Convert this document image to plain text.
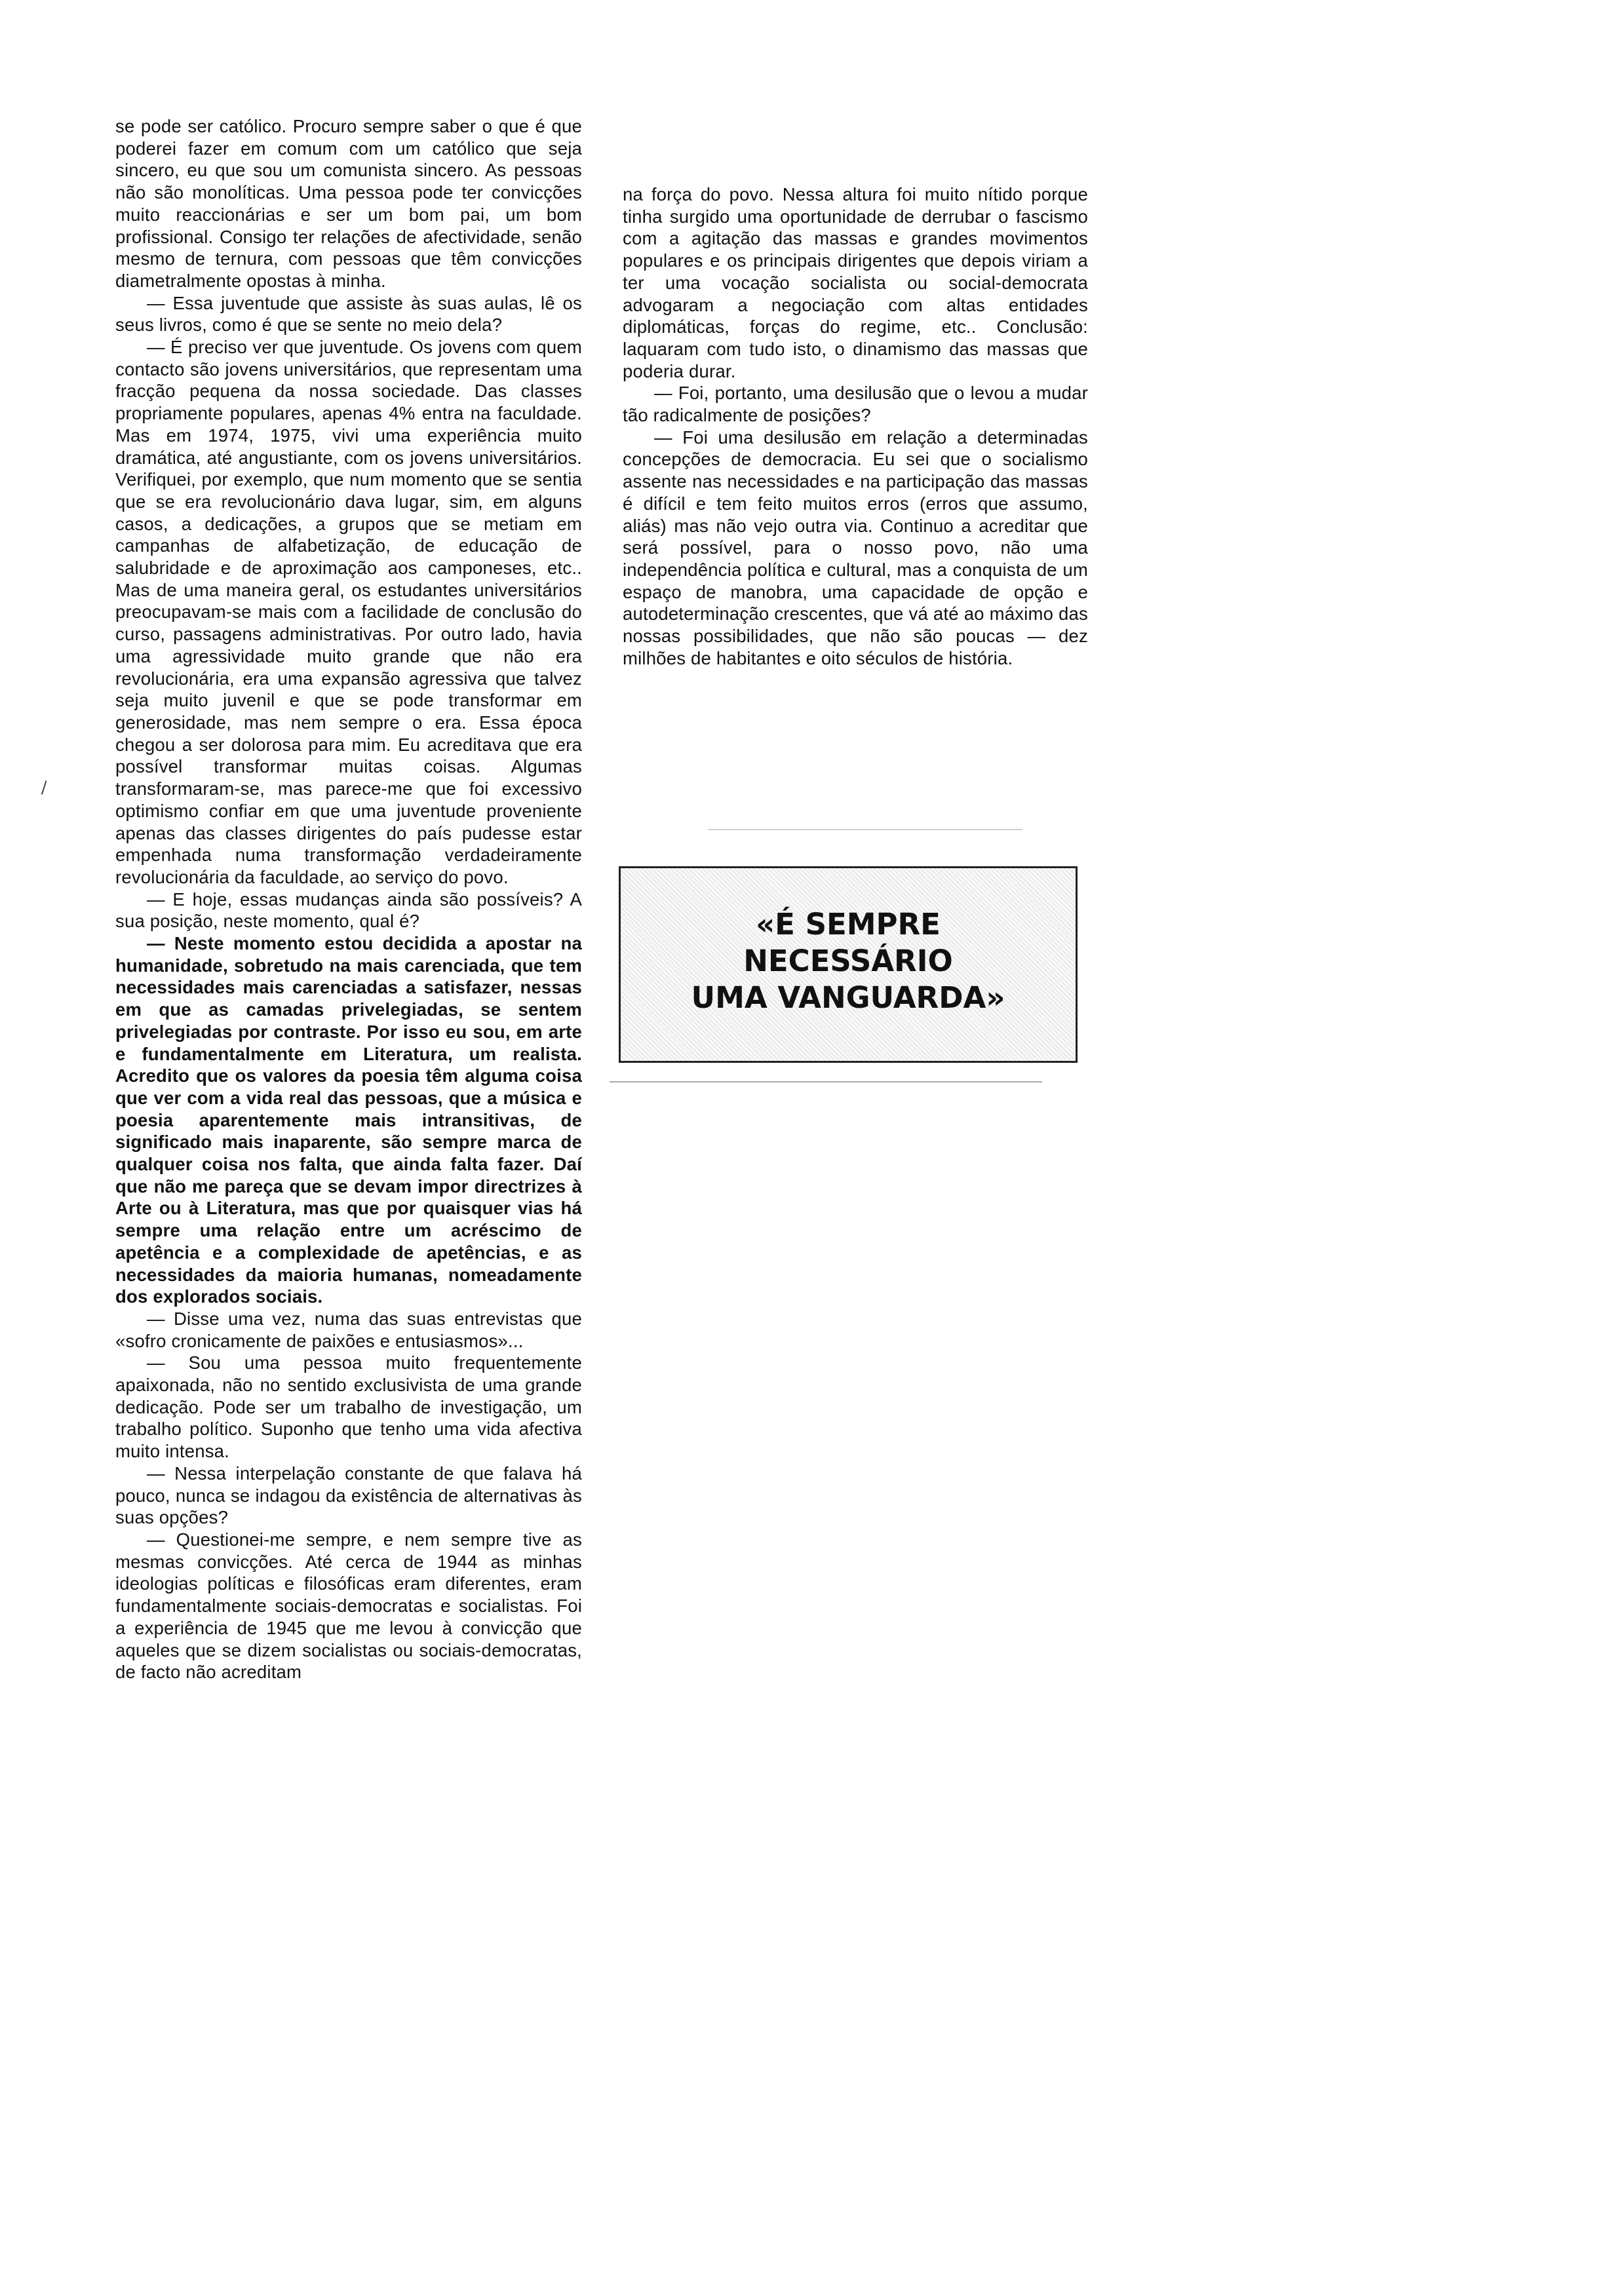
se pode ser católico. Procuro sempre saber o que é que poderei fazer em comum com um católico que seja sincero, eu que sou um comunista sincero. As pessoas não são monolíticas. Uma pessoa pode ter convicções muito reaccionárias e ser um bom pai, um bom profissional. Consigo ter relações de afectividade, senão mesmo de ternura, com pessoas que têm convicções diametralmente opostas à minha.

— Essa juventude que assiste às suas aulas, lê os seus livros, como é que se sente no meio dela?

— É preciso ver que juventude. Os jovens com quem contacto são jovens universitários, que representam uma fracção pequena da nossa sociedade. Das classes propriamente populares, apenas 4% entra na faculdade. Mas em 1974, 1975, vivi uma experiência muito dramática, até angustiante, com os jovens universitários. Verifiquei, por exemplo, que num momento que se sentia que se era revolucionário dava lugar, sim, em alguns casos, a dedicações, a grupos que se metiam em campanhas de alfabetização, de educação de salubridade e de aproximação aos camponeses, etc.. Mas de uma maneira geral, os estudantes universitários preocupavam-se mais com a facilidade de conclusão do curso, passagens administrativas. Por outro lado, havia uma agressividade muito grande que não era revolucionária, era uma expansão agressiva que talvez seja muito juvenil e que se pode transformar em generosidade, mas nem sempre o era. Essa época chegou a ser dolorosa para mim. Eu acreditava que era possível transformar muitas coisas. Algumas transformaram-se, mas parece-me que foi excessivo optimismo confiar em que uma juventude proveniente apenas das classes dirigentes do país pudesse estar empenhada numa transformação verdadeiramente revolucionária da faculdade, ao serviço do povo.

— E hoje, essas mudanças ainda são possíveis? A sua posição, neste momento, qual é?

— Neste momento estou decidida a apostar na humanidade, sobretudo na mais carenciada, que tem necessidades mais carenciadas a satisfazer, nessas em que as camadas privelegiadas, se sentem privelegiadas por contraste. Por isso eu sou, em arte e fundamentalmente em Literatura, um realista. Acredito que os valores da poesia têm alguma coisa que ver com a vida real das pessoas, que a música e poesia aparentemente mais intransitivas, de significado mais inaparente, são sempre marca de qualquer coisa nos falta, que ainda falta fazer. Daí que não me pareça que se devam impor directrizes à Arte ou à Literatura, mas que por quaisquer vias há sempre uma relação entre um acréscimo de apetência e a complexidade de apetências, e as necessidades da maioria humanas, nomeadamente dos explorados sociais.

— Disse uma vez, numa das suas entrevistas que «sofro cronicamente de paixões e entusiasmos»...

— Sou uma pessoa muito frequentemente apaixonada, não no sentido exclusivista de uma grande dedicação. Pode ser um trabalho de investigação, um trabalho político. Suponho que tenho uma vida afectiva muito intensa.

— Nessa interpelação constante de que falava há pouco, nunca se indagou da existência de alternativas às suas opções?

— Questionei-me sempre, e nem sempre tive as mesmas convicções. Até cerca de 1944 as minhas ideologias políticas e filosóficas eram diferentes, eram fundamentalmente sociais-democratas e socialistas. Foi a experiência de 1945 que me levou à convicção que aqueles que se dizem socialistas ou sociais-democratas, de facto não acreditam

na força do povo. Nessa altura foi muito nítido porque tinha surgido uma oportunidade de derrubar o fascismo com a agitação das massas e grandes movimentos populares e os principais dirigentes que depois viriam a ter uma vocação socialista ou social-democrata advogaram a negociação com altas entidades diplomáticas, forças do regime, etc.. Conclusão: laquaram com tudo isto, o dinamismo das massas que poderia durar.

— Foi, portanto, uma desilusão que o levou a mudar tão radicalmente de posições?

— Foi uma desilusão em relação a determinadas concepções de democracia. Eu sei que o socialismo assente nas necessidades e na participação das massas é difícil e tem feito muitos erros (erros que assumo, aliás) mas não vejo outra via. Continuo a acreditar que será possível, para o nosso povo, não uma independência política e cultural, mas a conquista de um espaço de manobra, uma capacidade de opção e autodeterminação crescentes, que vá até ao máximo das nossas possibilidades, que não são poucas — dez milhões de habitantes e oito séculos de história.

«É SEMPRE
NECESSÁRIO
UMA VANGUARDA»
